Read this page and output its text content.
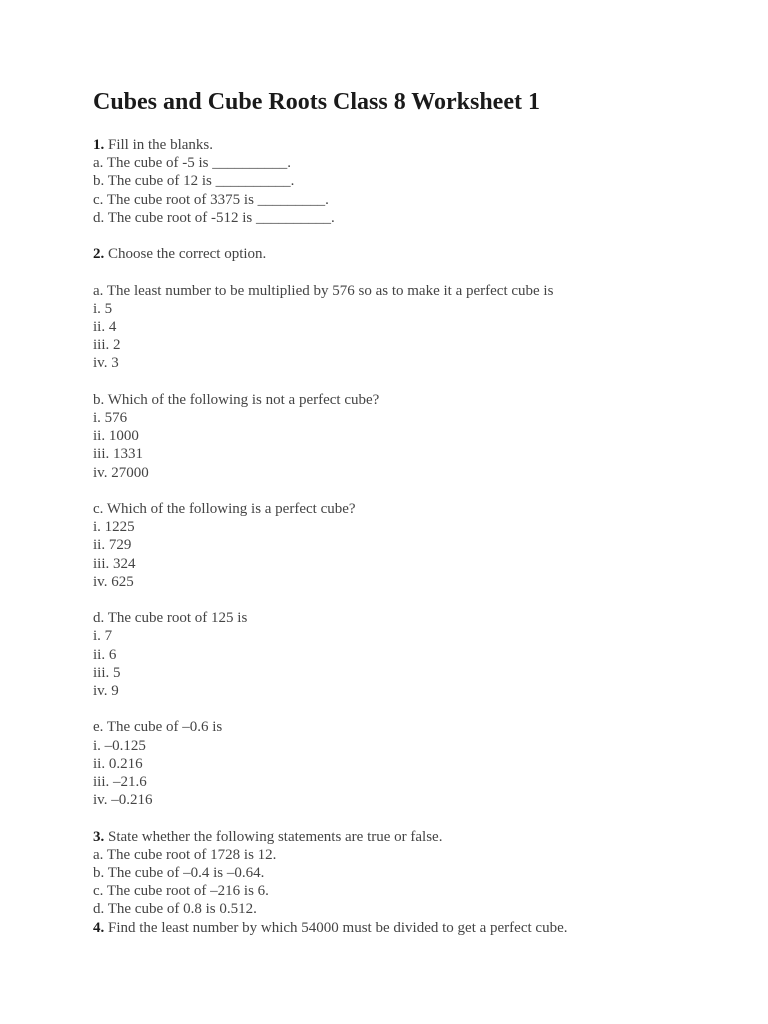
Cubes and Cube Roots Class 8 Worksheet 1
1. Fill in the blanks.
a. The cube of -5 is __________.
b. The cube of 12 is __________.
c. The cube root of 3375 is _________.
d. The cube root of -512 is __________.
2. Choose the correct option.
a. The least number to be multiplied by 576 so as to make it a perfect cube is
i. 5
ii. 4
iii. 2
iv. 3
b. Which of the following is not a perfect cube?
i. 576
ii. 1000
iii. 1331
iv. 27000
c. Which of the following is a perfect cube?
i. 1225
ii. 729
iii. 324
iv. 625
d. The cube root of 125 is
i. 7
ii. 6
iii. 5
iv. 9
e. The cube of –0.6 is
i. –0.125
ii. 0.216
iii. –21.6
iv. –0.216
3. State whether the following statements are true or false.
a. The cube root of 1728 is 12.
b. The cube of –0.4 is –0.64.
c. The cube root of –216 is 6.
d. The cube of 0.8 is 0.512.
4. Find the least number by which 54000 must be divided to get a perfect cube.
